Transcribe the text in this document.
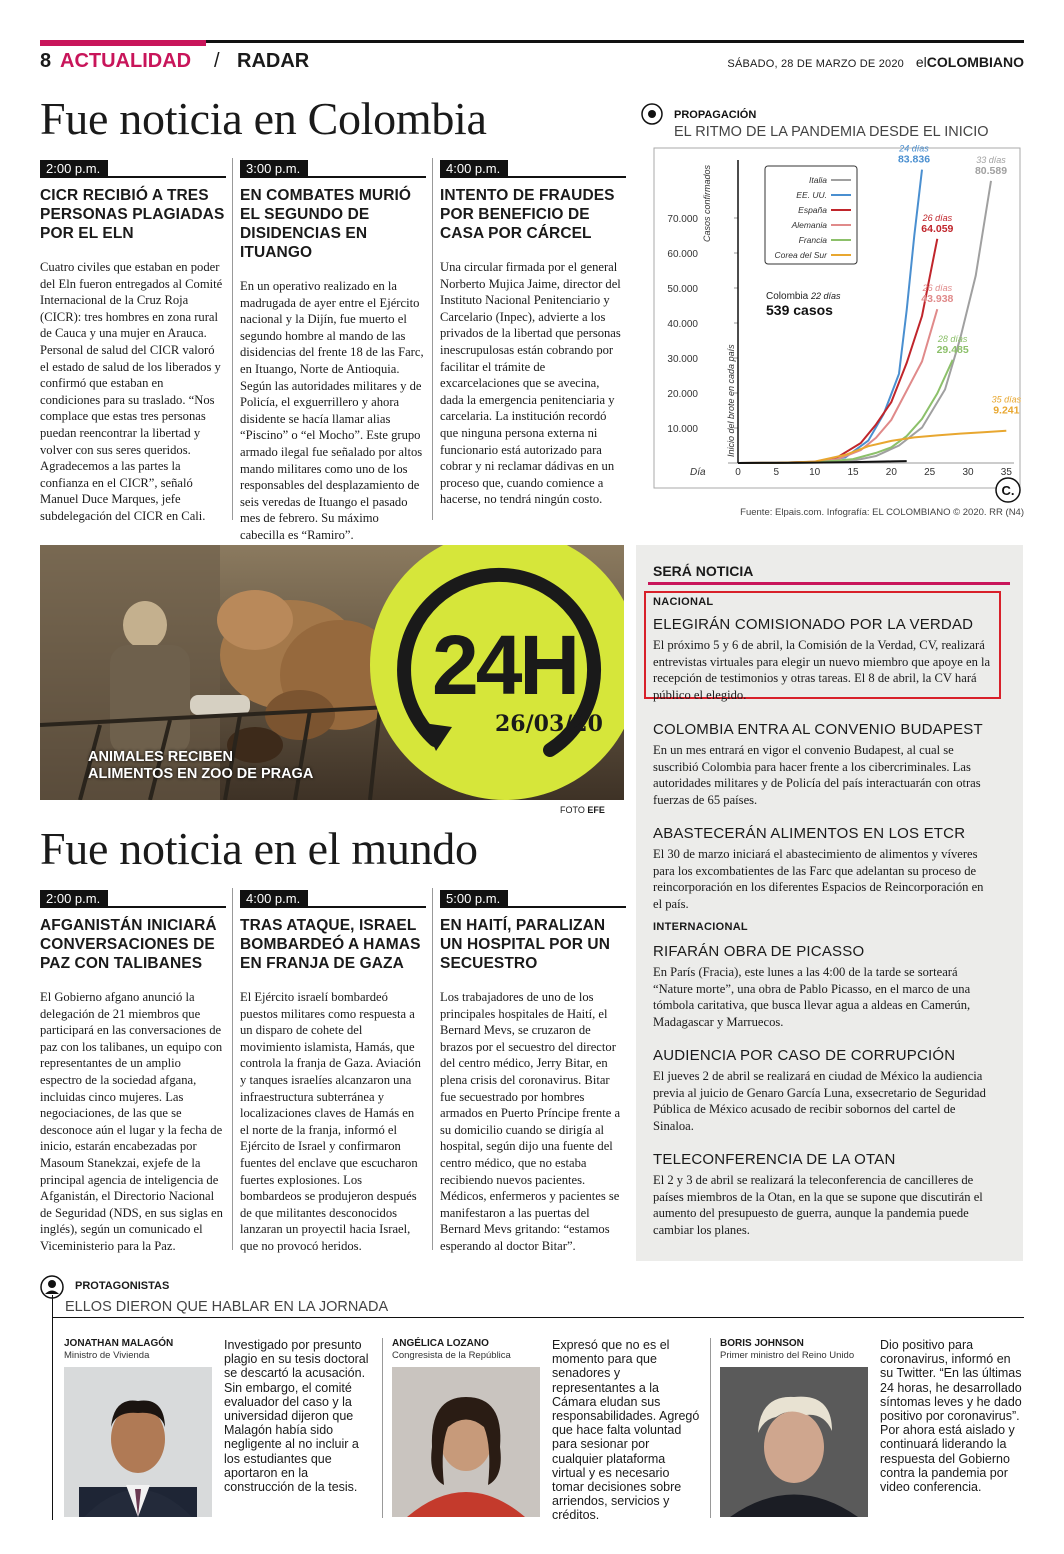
8 ACTUALIDAD / RADAR	SÁBADO, 28 DE MARZO DE 2020 elCOLOMBIANO
Fue noticia en Colombia
2:00 p.m.
CICR RECIBIÓ A TRES PERSONAS PLAGIADAS POR EL ELN
Cuatro civiles que estaban en poder del Eln fueron entregados al Comité Internacional de la Cruz Roja (CICR): tres hombres en zona rural de Cauca y una mujer en Arauca. Personal de salud del CICR valoró el estado de salud de los liberados y confirmó que estaban en condiciones para su traslado. “Nos complace que estas tres personas puedan reencontrar la libertad y volver con sus seres queridos. Agradecemos a las partes la confianza en el CICR”, señaló Manuel Duce Marques, jefe subdelegación del CICR en Cali.
3:00 p.m.
EN COMBATES MURIÓ EL SEGUNDO DE DISIDENCIAS EN ITUANGO
En un operativo realizado en la madrugada de ayer entre el Ejército nacional y la Dijín, fue muerto el segundo hombre al mando de las disidencias del frente 18 de las Farc, en Ituango, Norte de Antioquia. Según las autoridades militares y de Policía, el exguerrillero y ahora disidente se hacía llamar alias “Piscino” o “el Mocho”. Este grupo armado ilegal fue señalado por altos mando militares como uno de los responsables del desplazamiento de seis veredas de Ituango el pasado mes de febrero. Su máximo cabecilla es “Ramiro”.
4:00 p.m.
INTENTO DE FRAUDES POR BENEFICIO DE CASA POR CÁRCEL
Una circular firmada por el general Norberto Mujica Jaime, director del Instituto Nacional Penitenciario y Carcelario (Inpec), advierte a los privados de la libertad que personas inescrupulosas están cobrando por facilitar el trámite de excarcelaciones que se avecina, dada la emergencia penitenciaria y carcelaria. La institución recordó que ninguna persona externa ni funcionario está autorizado para cobrar y ni reclamar dádivas en un proceso que, cuando comience a hacerse, no tendrá ningún costo.
PROPAGACIÓN
EL RITMO DE LA PANDEMIA DESDE EL INICIO
10.000
20.000
30.000
40.000
50.000
60.000
70.000
Día	0	5	10	15	20	25	30	35
Inicio del brote en cada país
Casos confirmados	Italia
EE. UU.
España
Alemania
Francia
Corea del Sur
33 días
80.589
24 días
83.836
26 días
64.059
26 días
43.938
28 días
29.485
35 días
9.241
Colombia 22 días
539 casos
C.
Fuente: Elpais.com. Infografía: EL COLOMBIANO © 2020. RR (N4)
24H
26/03/20
ANIMALES RECIBEN ALIMENTOS EN ZOO DE PRAGA
FOTO EFE
Fue noticia en el mundo
2:00 p.m.
AFGANISTÁN INICIARÁ CONVERSACIONES DE PAZ CON TALIBANES
El Gobierno afgano anunció la delegación de 21 miembros que participará en las conversaciones de paz con los talibanes, un equipo con representantes de un amplio espectro de la sociedad afgana, incluidas cinco mujeres. Las negociaciones, de las que se desconoce aún el lugar y la fecha de inicio, estarán encabezadas por Masoum Stanekzai, exjefe de la principal agencia de inteligencia de Afganistán, el Directorio Nacional de Seguridad (NDS, en sus siglas en inglés), según un comunicado el Viceministerio para la Paz.
4:00 p.m.
TRAS ATAQUE, ISRAEL BOMBARDEÓ A HAMAS EN FRANJA DE GAZA
El Ejército israelí bombardeó puestos militares como respuesta a un disparo de cohete del movimiento islamista, Hamás, que controla la franja de Gaza. Aviación y tanques israelíes alcanzaron una infraestructura subterránea y localizaciones claves de Hamás en el norte de la franja, informó el Ejército de Israel y confirmaron fuentes del enclave que escucharon fuertes explosiones. Los bombardeos se produjeron después de que militantes desconocidos lanzaran un proyectil hacia Israel, que no provocó heridos.
5:00 p.m.
EN HAITÍ, PARALIZAN UN HOSPITAL POR UN SECUESTRO
Los trabajadores de uno de los principales hospitales de Haití, el Bernard Mevs, se cruzaron de brazos por el secuestro del director del centro médico, Jerry Bitar, en plena crisis del coronavirus. Bitar fue secuestrado por hombres armados en Puerto Príncipe frente a su domicilio cuando se dirigía al hospital, según dijo una fuente del centro médico, que no estaba recibiendo nuevos pacientes. Médicos, enfermeros y pacientes se manifestaron a las puertas del Bernard Mevs gritando: “estamos esperando al doctor Bitar”.
SERÁ NOTICIA
NACIONAL
ELEGIRÁN COMISIONADO POR LA VERDAD
El próximo 5 y 6 de abril, la Comisión de la Verdad, CV, realizará entrevistas virtuales para elegir un nuevo miembro que apoye en la recepción de testimonios y otras tareas. El 8 de abril, la CV hará público el elegido.
COLOMBIA ENTRA AL CONVENIO BUDAPEST
En un mes entrará en vigor el convenio Budapest, al cual se suscribió Colombia para hacer frente a los cibercriminales. Las autoridades militares y de Policía del país interactuarán con otras fuerzas de 65 países.
ABASTECERÁN ALIMENTOS EN LOS ETCR
El 30 de marzo iniciará el abastecimiento de alimentos y víveres para los excombatientes de las Farc que adelantan su proceso de reincorporación en los diferentes Espacios de Reincorporación en el país.
INTERNACIONAL
RIFARÁN OBRA DE PICASSO
En París (Fracia), este lunes a las 4:00 de la tarde se sorteará “Nature morte”, una obra de Pablo Picasso, en el marco de una tómbola caritativa, que busca llevar agua a aldeas en Camerún, Madagascar y Marruecos.
AUDIENCIA POR CASO DE CORRUPCIÓN
El jueves 2 de abril se realizará en ciudad de México la audiencia previa al juicio de Genaro García Luna, exsecretario de Seguridad Pública de México acusado de recibir sobornos del cartel de Sinaloa.
TELECONFERENCIA DE LA OTAN
El 2 y 3 de abril se realizará la teleconferencia de cancilleres de países miembros de la Otan, en la que se supone que discutirán el aumento del presupuesto de guerra, aunque la pandemia puede cambiar los planes.
PROTAGONISTAS
ELLOS DIERON QUE HABLAR EN LA JORNADA
JONATHAN MALAGÓN
Ministro de Vivienda
Investigado por presunto plagio en su tesis doctoral se descartó la acusación. Sin embargo, el comité evaluador del caso y la universidad dijeron que Malagón había sido negligente al no incluir a los estudiantes que aportaron en la construcción de la tesis.
ANGÉLICA LOZANO
Congresista de la República
Expresó que no es el momento para que senadores y representantes a la Cámara eludan sus responsabilidades. Agregó que hace falta voluntad para sesionar por cualquier plataforma virtual y es necesario tomar decisiones sobre arriendos, servicios y créditos.
BORIS JOHNSON
Primer ministro del Reino Unido
Dio positivo para coronavirus, informó en su Twitter. “En las últimas 24 horas, he desarrollado síntomas leves y he dado positivo por coronavirus”. Por ahora está aislado y continuará liderando la respuesta del Gobierno contra la pandemia por video conferencia.
